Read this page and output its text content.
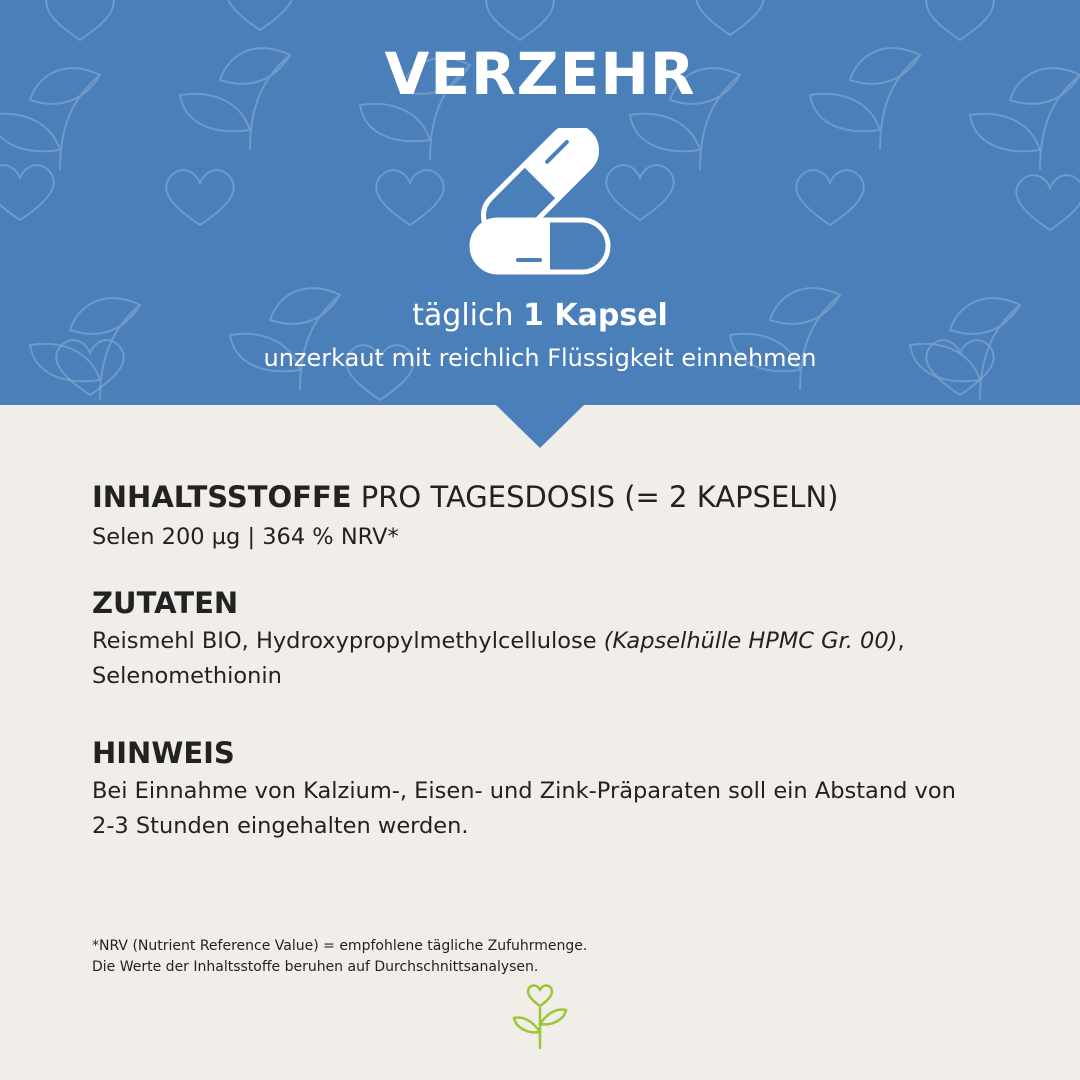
VERZEHR
täglich 1 Kapsel
unzerkaut mit reichlich Flüssigkeit einnehmen

INHALTSSTOFFE PRO TAGESDOSIS (= 2 KAPSELN)

Selen 200 µg | 364 % NRV*

ZUTATEN

Reismehl BIO, Hydroxypropylmethylcellulose (Kapselhülle HPMC Gr. 00),
Selenomethionin

HINWEIS

Bei Einnahme von Kalzium-, Eisen- und Zink-Präparaten soll ein Abstand von
2-3 Stunden eingehalten werden.

*NRV (Nutrient Reference Value) = empfohlene tägliche Zufuhrmenge.
Die Werte der Inhaltsstoffe beruhen auf Durchschnittsanalysen.
